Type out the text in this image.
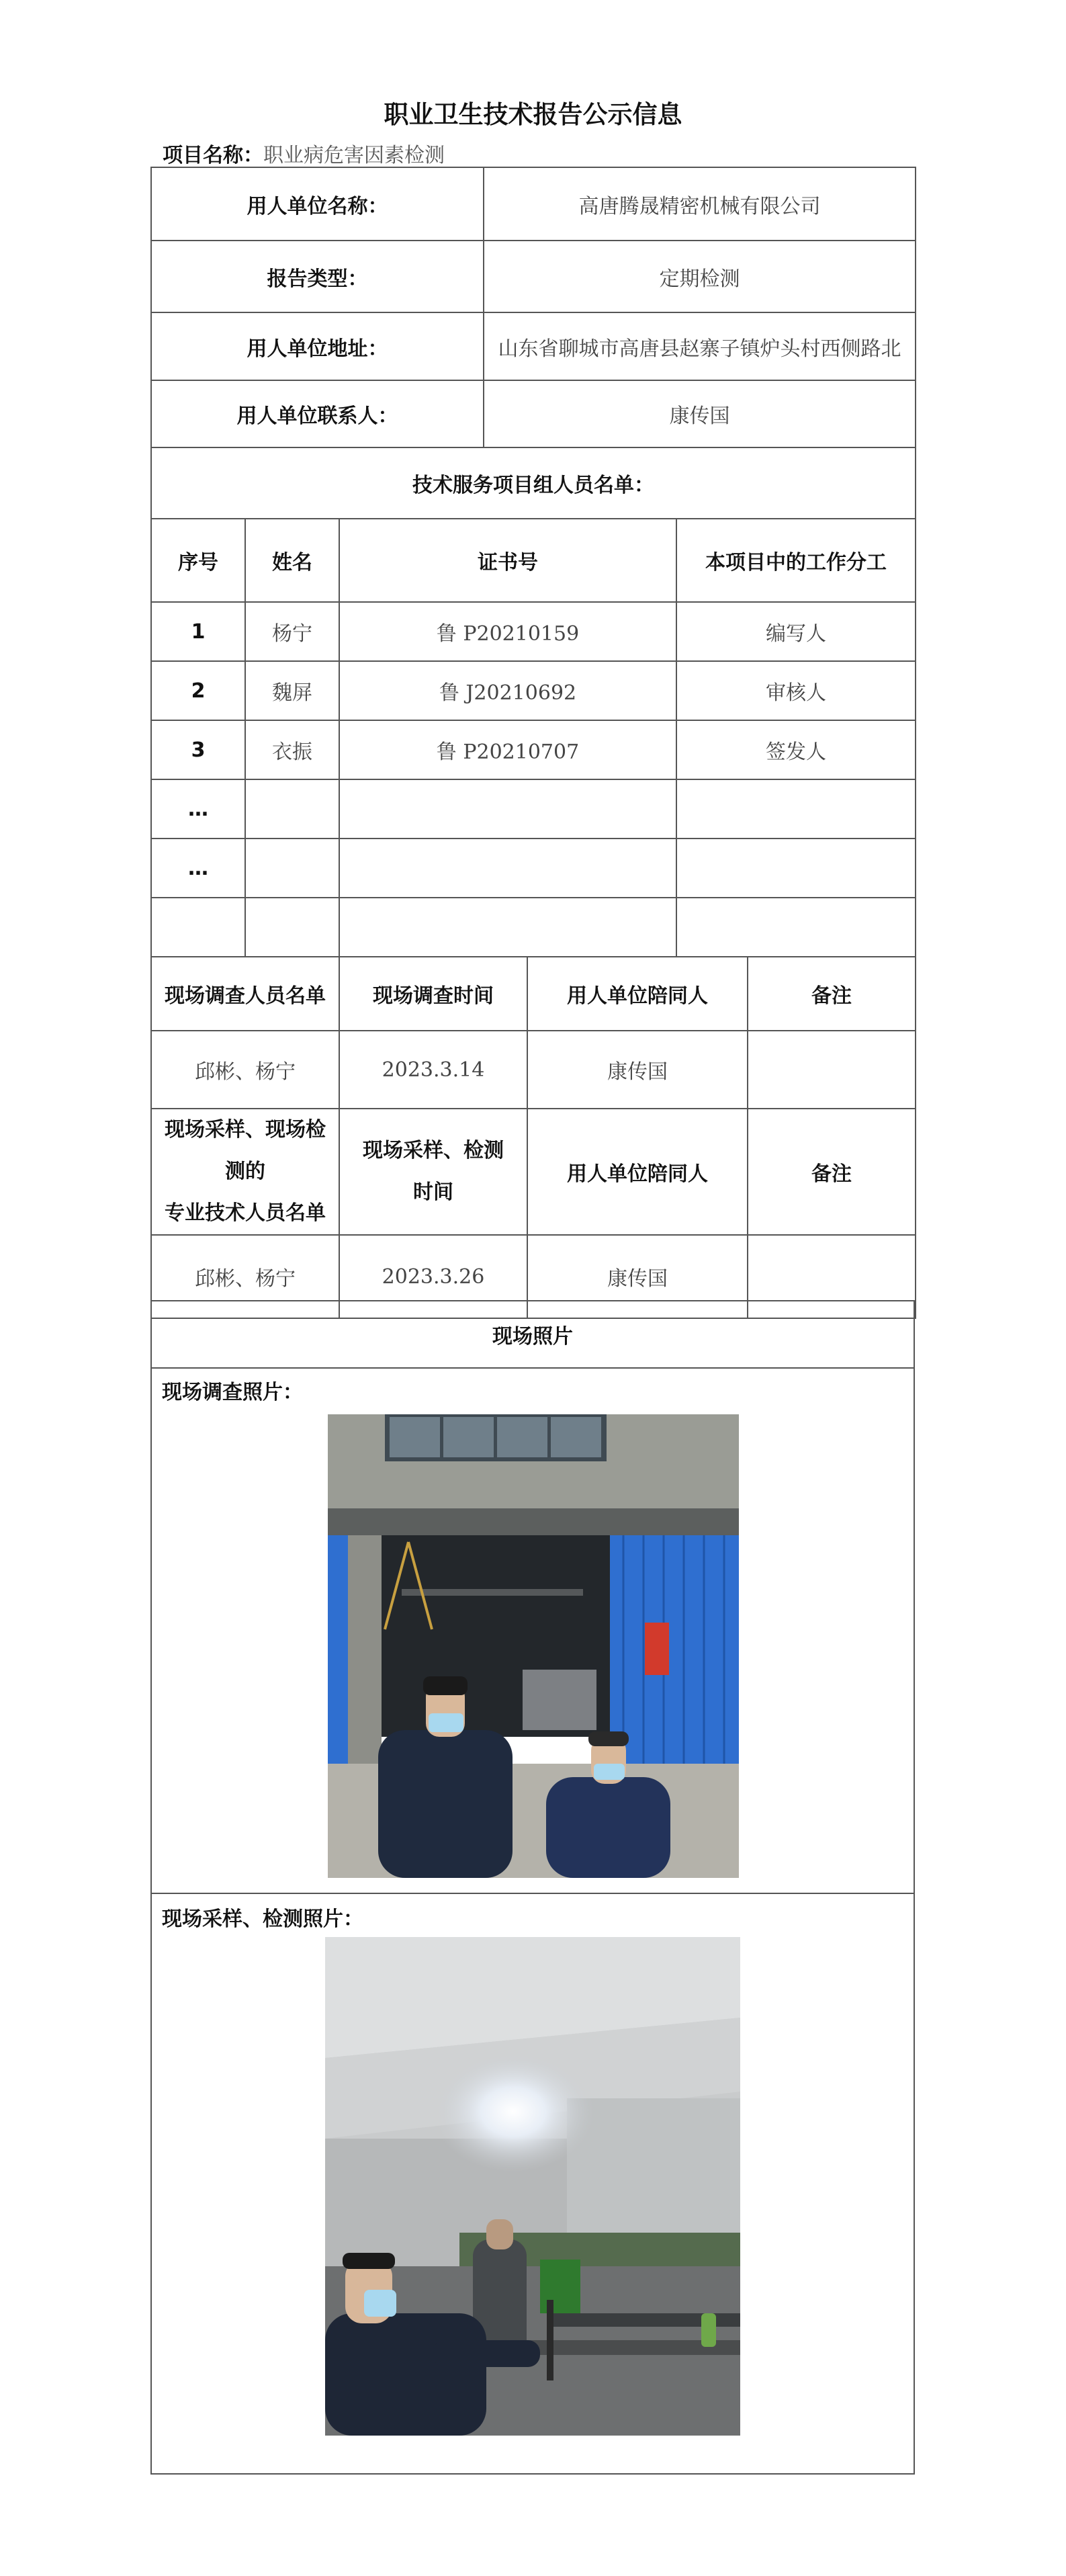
职业卫生技术报告公示信息
项目名称：职业病危害因素检测
用人单位名称：			高唐腾晟精密机械有限公司			
报告类型：			定期检测			
用人单位地址：			山东省聊城市高唐县赵寨子镇炉头村西侧路北			
用人单位联系人：			康传国			
技术服务项目组人员名单：						
序号	姓名	证书号			本项目中的工作分工	
1	杨宁	鲁 P20210159			编写人	
2	魏屏	鲁 J20210692			审核人	
3	衣振	鲁 P20210707			签发人	
…						
…						

现场调查人员名单		现场调查时间		用人单位陪同人		备注
邱彬、杨宁		2023.3.14		康传国		
现场采样、现场检测的
专业技术人员名单		现场采样、检测
时间		用人单位陪同人		备注
邱彬、杨宁		2023.3.26		康传国		
现场照片
现场调查照片：
现场采样、检测照片：
